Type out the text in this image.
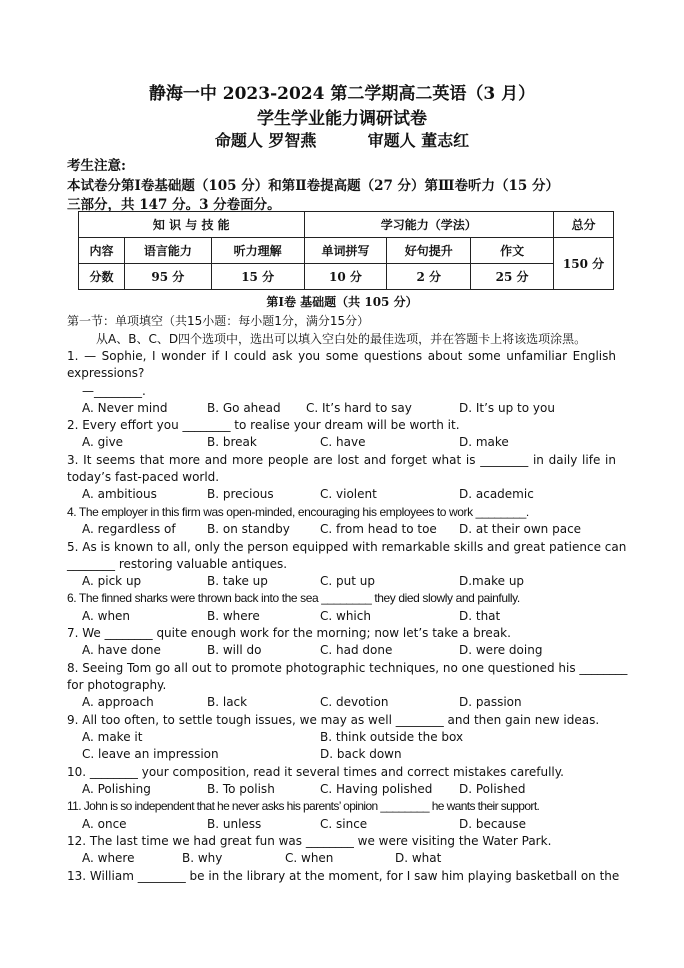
静海一中 2023-2024 第二学期高二英语（3 月）
学生学业能力调研试卷
命题人 罗智燕	审题人 董志红
考生注意:
本试卷分第Ⅰ卷基础题（105 分）和第Ⅱ卷提高题（27 分）第Ⅲ卷听力（15 分）
三部分，共 147 分。3 分卷面分。
知 识 与 技 能			学习能力（学法）			总分
内容	语言能力	听力理解	单词拼写	好句提升	作文	150 分
分数	95 分	15 分	10 分	2 分	25 分	
第Ⅰ卷 基础题（共 105 分）
第一节：单项填空（共15小题：每小题1分，满分15分）
从A、B、C、D四个选项中，选出可以填入空白处的最佳选项，并在答题卡上将该选项涂黑。
1. — Sophie, I wonder if I could ask you some questions about some unfamiliar English
expressions?
—________.
A. Never mind	B. Go ahead C. It’s hard to say	D. It’s up to you
2. Every effort you ________ to realise your dream will be worth it.
A. give	B. break	C. have	D. make
3. It seems that more and more people are lost and forget what is ________ in daily life in
today’s fast-paced world.
A. ambitious	B. precious	C. violent	D. academic
4. The employer in this firm was open-minded, encouraging his employees to work ________.
A. regardless of	B. on standby	C. from head to toe D. at their own pace
5. As is known to all, only the person equipped with remarkable skills and great patience can
________ restoring valuable antiques.
A. pick up	B. take up	C. put up	D.make up
6. The finned sharks were thrown back into the sea ________ they died slowly and painfully.
A. when	B. where	C. which	D. that
7. We ________ quite enough work for the morning; now let’s take a break.
A. have done	B. will do	C. had done	D. were doing
8. Seeing Tom go all out to promote photographic techniques, no one questioned his ________
for photography.
A. approach	B. lack	C. devotion	D. passion
9. All too often, to settle tough issues, we may as well ________ and then gain new ideas.
A. make it	B. think outside the box
C. leave an impression	D. back down
10. ________ your composition, read it several times and correct mistakes carefully.
A. Polishing	B. To polish	C. Having polished D. Polished
11. John is so independent that he never asks his parents’ opinion ________ he wants their support.
A. once	B. unless	C. since	D. because
12. The last time we had great fun was ________ we were visiting the Water Park.
A. where	B. why	C. when	D. what
13. William ________ be in the library at the moment, for I saw him playing basketball on the
